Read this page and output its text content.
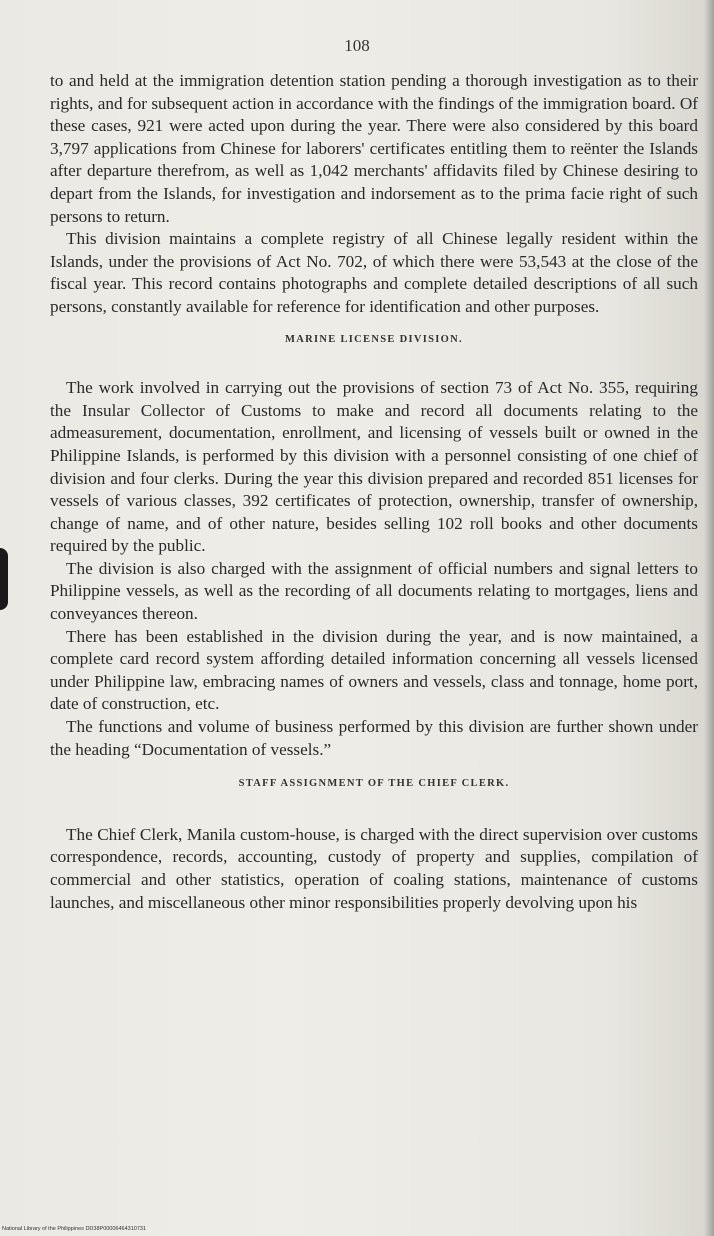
108

to and held at the immigration detention station pending a thorough investigation as to their rights, and for subsequent action in accordance with the findings of the immigration board. Of these cases, 921 were acted upon during the year. There were also considered by this board 3,797 applications from Chinese for laborers' certificates entitling them to reënter the Islands after departure therefrom, as well as 1,042 merchants' affidavits filed by Chinese desiring to depart from the Islands, for investigation and indorsement as to the prima facie right of such persons to return.

This division maintains a complete registry of all Chinese legally resident within the Islands, under the provisions of Act No. 702, of which there were 53,543 at the close of the fiscal year. This record contains photographs and complete detailed descriptions of all such persons, constantly available for reference for identification and other purposes.

MARINE LICENSE DIVISION.

The work involved in carrying out the provisions of section 73 of Act No. 355, requiring the Insular Collector of Customs to make and record all documents relating to the admeasurement, documentation, enrollment, and licensing of vessels built or owned in the Philippine Islands, is performed by this division with a personnel consisting of one chief of division and four clerks. During the year this division prepared and recorded 851 licenses for vessels of various classes, 392 certificates of protection, ownership, transfer of ownership, change of name, and of other nature, besides selling 102 roll books and other documents required by the public.

The division is also charged with the assignment of official numbers and signal letters to Philippine vessels, as well as the recording of all documents relating to mortgages, liens and conveyances thereon.

There has been established in the division during the year, and is now maintained, a complete card record system affording detailed information concerning all vessels licensed under Philippine law, embracing names of owners and vessels, class and tonnage, home port, date of construction, etc.

The functions and volume of business performed by this division are further shown under the heading “Documentation of vessels.”

STAFF ASSIGNMENT OF THE CHIEF CLERK.

The Chief Clerk, Manila custom-house, is charged with the direct supervision over customs correspondence, records, accounting, custody of property and supplies, compilation of commercial and other statistics, operation of coaling stations, maintenance of customs launches, and miscellaneous other minor responsibilities properly devolving upon his

National Library of the Philippines DD38P00006464310731
